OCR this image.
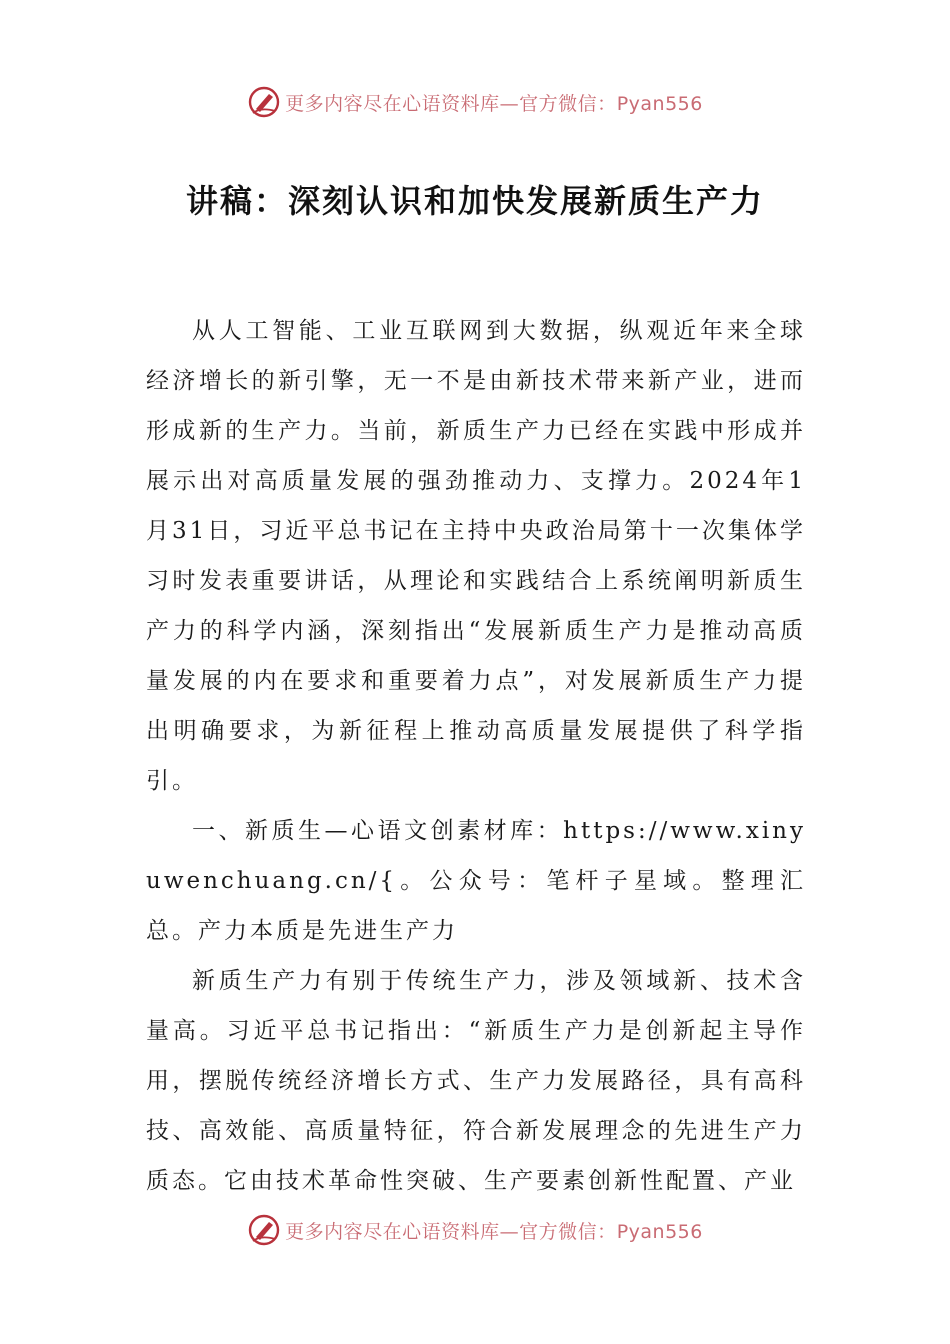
更多内容尽在心语资料库—官方微信：Pyan556
讲稿：深刻认识和加快发展新质生产力

从人工智能、工业互联网到大数据，纵观近年来全球经济增长的新引擎，无一不是由新技术带来新产业，进而形成新的生产力。当前，新质生产力已经在实践中形成并展示出对高质量发展的强劲推动力、支撑力。2024年1月31日，习近平总书记在主持中央政治局第十一次集体学习时发表重要讲话，从理论和实践结合上系统阐明新质生产力的科学内涵，深刻指出“发展新质生产力是推动高质量发展的内在要求和重要着力点”，对发展新质生产力提出明确要求，为新征程上推动高质量发展提供了科学指引。

一、新质生—心语文创素材库：https://www.xinyuwenchuang.cn/{。公众号：笔杆子星域。整理汇总。产力本质是先进生产力

新质生产力有别于传统生产力，涉及领域新、技术含量高。习近平总书记指出：“新质生产力是创新起主导作用，摆脱传统经济增长方式、生产力发展路径，具有高科技、高效能、高质量特征，符合新发展理念的先进生产力质态。它由技术革命性突破、生产要素创新性配置、产业

更多内容尽在心语资料库—官方微信：Pyan556
